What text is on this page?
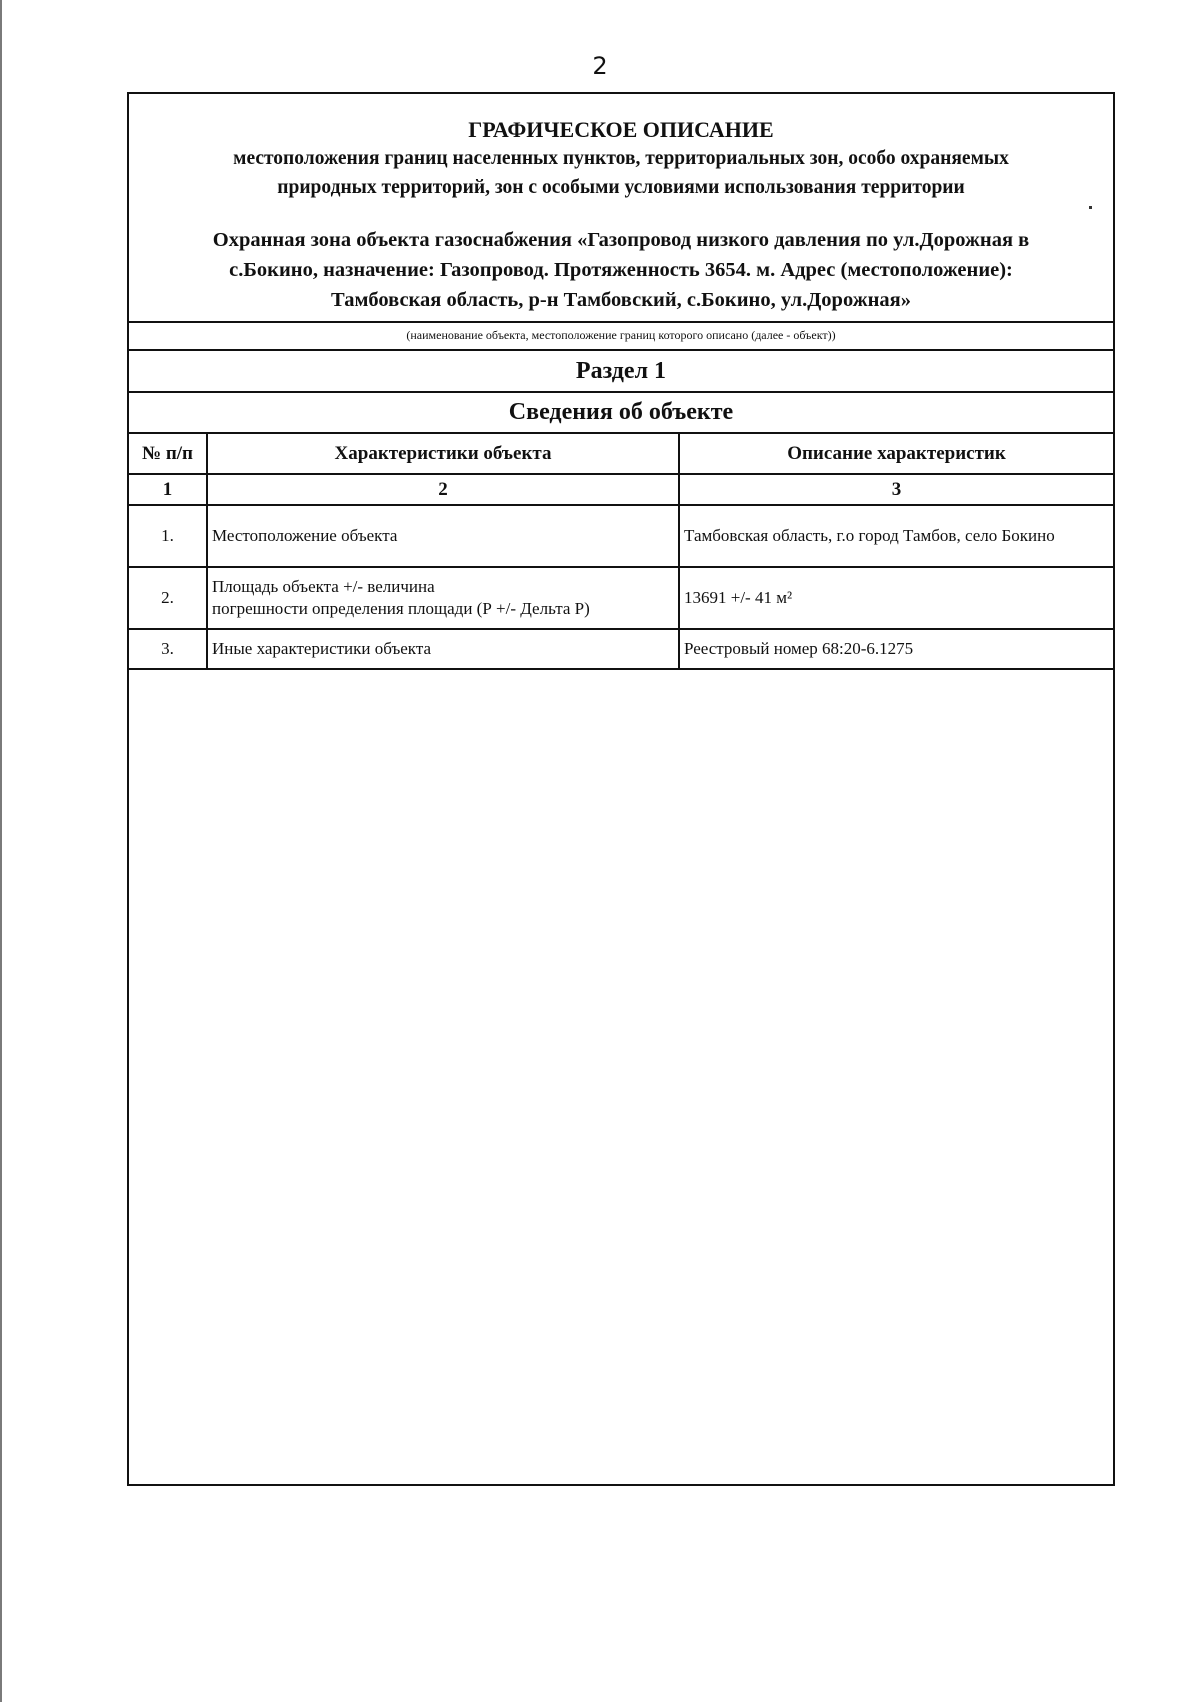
2

ГРАФИЧЕСКОЕ ОПИСАНИЕ

местоположения границ населенных пунктов, территориальных зон, особо охраняемых

природных территорий, зон с особыми условиями использования территории

Охранная зона объекта газоснабжения «Газопровод низкого давления по ул.Дорожная в
с.Бокино, назначение: Газопровод. Протяженность 3654. м. Адрес (местоположение):
Тамбовская область, р-н Тамбовский, с.Бокино, ул.Дорожная»
(наименование объекта, местоположение границ которого описано (далее - объект))
Раздел 1
Сведения об объекте
№ п/п	Характеристики объекта	Описание характеристик
1	2	3
1.	Местоположение объекта	Тамбовская область, г.о город Тамбов, село Бокино
2.	Площадь объекта +/- величина
погрешности определения площади (Р +/- Дельта Р)	13691 +/- 41 м²
3.	Иные характеристики объекта	Реестровый номер 68:20-6.1275
